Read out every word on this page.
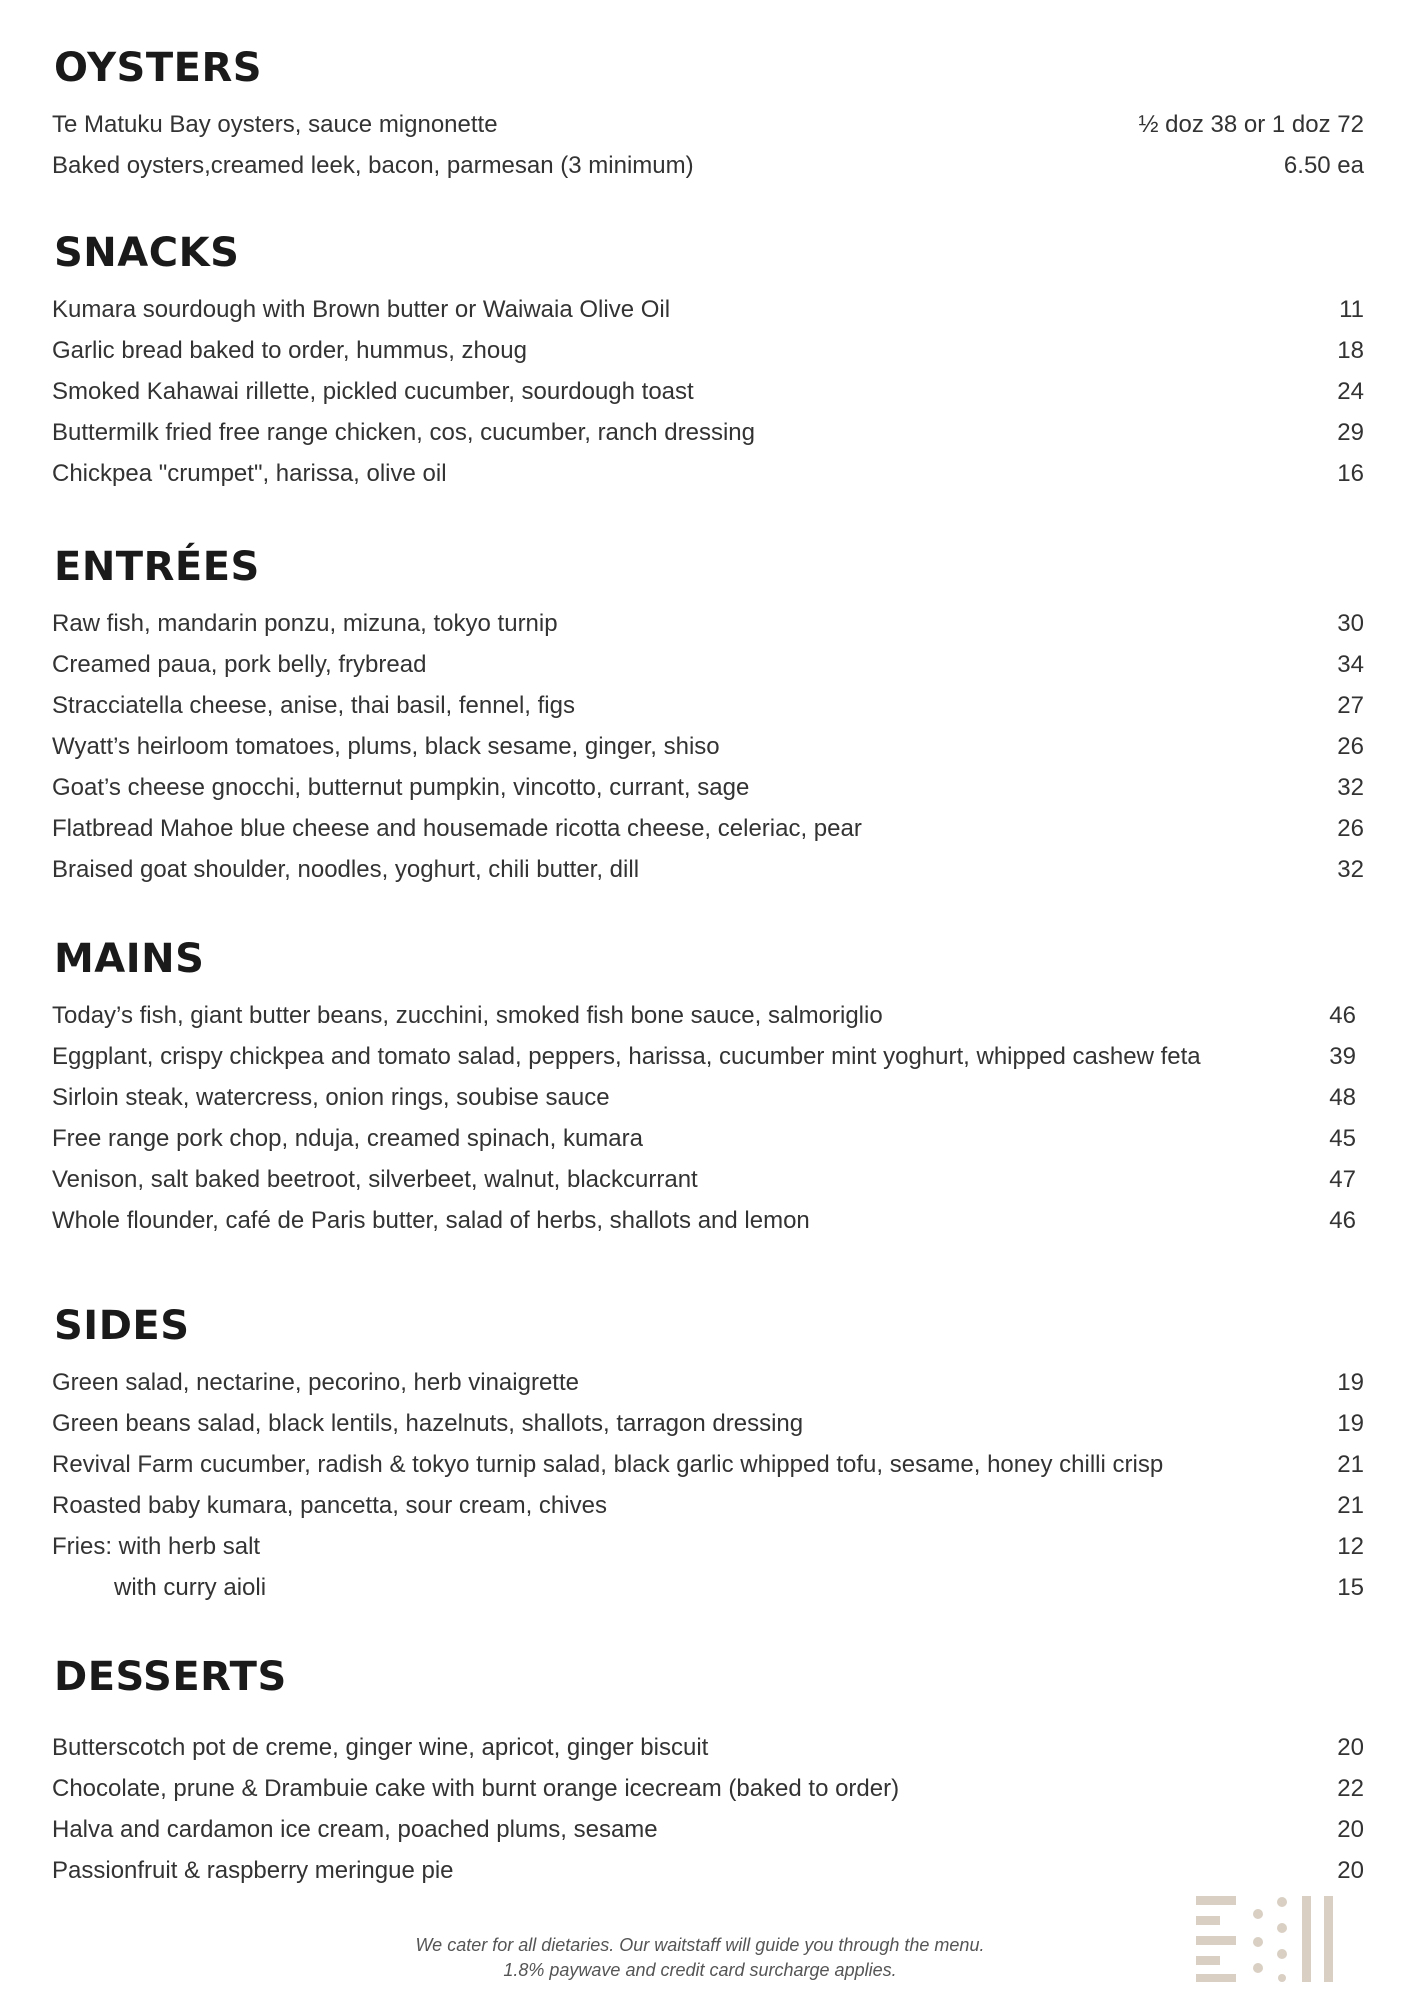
OYSTERS
Te Matuku Bay oysters, sauce mignonette	½ doz 38 or 1 doz 72
Baked oysters,creamed leek, bacon, parmesan (3 minimum)	6.50 ea
SNACKS
Kumara sourdough with Brown butter or Waiwaia Olive Oil	11
Garlic bread baked to order, hummus, zhoug	18
Smoked Kahawai rillette, pickled cucumber, sourdough toast	24
Buttermilk fried free range chicken, cos, cucumber, ranch dressing	29
Chickpea "crumpet", harissa, olive oil	16
ENTRÉES
Raw fish, mandarin ponzu, mizuna, tokyo turnip	30
Creamed paua, pork belly, frybread	34
Stracciatella cheese, anise, thai basil, fennel, figs	27
Wyatt’s heirloom tomatoes, plums, black sesame, ginger, shiso	26
Goat’s cheese gnocchi, butternut pumpkin, vincotto, currant, sage	32
Flatbread Mahoe blue cheese and housemade ricotta cheese, celeriac, pear	26
Braised goat shoulder, noodles, yoghurt, chili butter, dill	32
MAINS
Today’s fish, giant butter beans, zucchini, smoked fish bone sauce, salmoriglio	46
Eggplant, crispy chickpea and tomato salad, peppers, harissa, cucumber mint yoghurt, whipped cashew feta	39
Sirloin steak, watercress, onion rings, soubise sauce	48
Free range pork chop, nduja, creamed spinach, kumara	45
Venison, salt baked beetroot, silverbeet, walnut, blackcurrant	47
Whole flounder, café de Paris butter, salad of herbs, shallots and lemon	46
SIDES
Green salad, nectarine, pecorino, herb vinaigrette	19
Green beans salad, black lentils, hazelnuts, shallots, tarragon dressing	19
Revival Farm cucumber, radish & tokyo turnip salad, black garlic whipped tofu, sesame, honey chilli crisp	21
Roasted baby kumara, pancetta, sour cream, chives	21
Fries: with herb salt	12
with curry aioli	15
DESSERTS
Butterscotch pot de creme, ginger wine, apricot, ginger biscuit	20
Chocolate, prune & Drambuie cake with burnt orange icecream (baked to order)	22
Halva and cardamon ice cream, poached plums, sesame	20
Passionfruit & raspberry meringue pie	20
We cater for all dietaries. Our waitstaff will guide you through the menu.
1.8% paywave and credit card surcharge applies.
